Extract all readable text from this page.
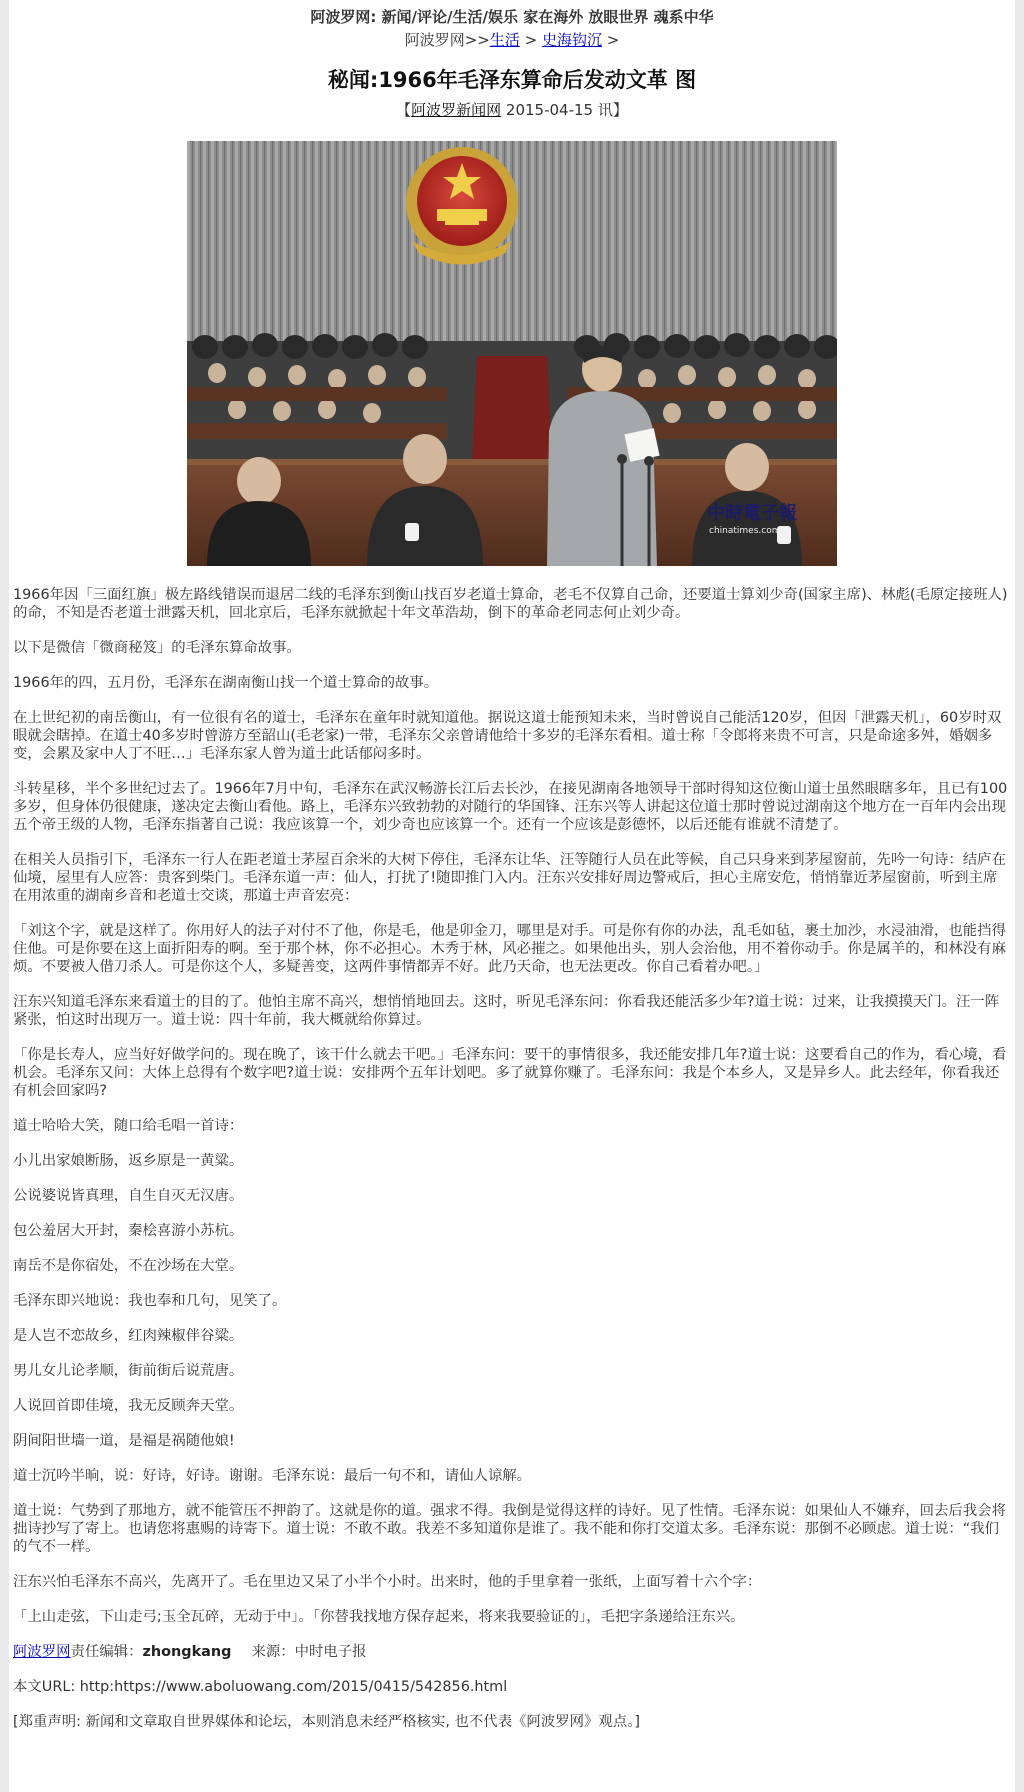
阿波罗网: 新闻/评论/生活/娱乐 家在海外 放眼世界 魂系中华
阿波罗网>>生活 > 史海钩沉 >
秘闻:1966年毛泽东算命后发动文革 图
【阿波罗新闻网 2015-04-15 讯】
中時電子報
chinatimes.com

1966年因「三面红旗」极左路线错误而退居二线的毛泽东到衡山找百岁老道士算命，老毛不仅算自己命，还要道士算刘少奇(国家主席)、林彪(毛原定接班人)的命，不知是否老道士泄露天机，回北京后，毛泽东就掀起十年文革浩劫，倒下的革命老同志何止刘少奇。

以下是微信「微商秘笈」的毛泽东算命故事。

1966年的四，五月份，毛泽东在湖南衡山找一个道士算命的故事。

在上世纪初的南岳衡山，有一位很有名的道士，毛泽东在童年时就知道他。据说这道士能预知未来，当时曾说自己能活120岁，但因「泄露天机」，60岁时双眼就会瞎掉。在道士40多岁时曾游方至韶山(毛老家)一带，毛泽东父亲曾请他给十多岁的毛泽东看相。道士称「令郎将来贵不可言，只是命途多舛，婚姻多变，会累及家中人丁不旺…」毛泽东家人曾为道士此话郁闷多时。

斗转星移，半个多世纪过去了。1966年7月中旬，毛泽东在武汉畅游长江后去长沙，在接见湖南各地领导干部时得知这位衡山道士虽然眼瞎多年，且已有100多岁，但身体仍很健康，遂决定去衡山看他。路上，毛泽东兴致勃勃的对随行的华国锋、汪东兴等人讲起这位道士那时曾说过湖南这个地方在一百年内会出现五个帝王级的人物，毛泽东指著自己说：我应该算一个，刘少奇也应该算一个。还有一个应该是彭德怀，以后还能有谁就不清楚了。

在相关人员指引下，毛泽东一行人在距老道士茅屋百余米的大树下停住，毛泽东让华、汪等随行人员在此等候，自己只身来到茅屋窗前，先吟一句诗：结庐在仙境，屋里有人应答：贵客到柴门。毛泽东道一声：仙人，打扰了!随即推门入内。汪东兴安排好周边警戒后，担心主席安危，悄悄靠近茅屋窗前，听到主席在用浓重的湖南乡音和老道士交谈，那道士声音宏亮：

「刘这个字，就是这样了。你用好人的法子对付不了他，你是毛，他是卯金刀，哪里是对手。可是你有你的办法，乱毛如毡，裹土加沙，水浸油滑，也能挡得住他。可是你要在这上面折阳寿的啊。至于那个林，你不必担心。木秀于林，风必摧之。如果他出头，别人会治他，用不着你动手。你是属羊的，和林没有麻烦。不要被人借刀杀人。可是你这个人，多疑善变，这两件事情都弄不好。此乃天命，也无法更改。你自己看着办吧。」

汪东兴知道毛泽东来看道士的目的了。他怕主席不高兴，想悄悄地回去。这时，听见毛泽东问：你看我还能活多少年?道士说：过来，让我摸摸天门。汪一阵紧张，怕这时出现万一。道士说：四十年前，我大概就给你算过。

「你是长寿人，应当好好做学问的。现在晚了，该干什么就去干吧。」毛泽东问：要干的事情很多，我还能安排几年?道士说：这要看自己的作为，看心境，看机会。毛泽东又问：大体上总得有个数字吧?道士说：安排两个五年计划吧。多了就算你赚了。毛泽东问：我是个本乡人，又是异乡人。此去经年，你看我还有机会回家吗?

道士哈哈大笑，随口给毛唱一首诗：

小儿出家娘断肠，返乡原是一黄粱。

公说婆说皆真理，自生自灭无汉唐。

包公羞居大开封，秦桧喜游小苏杭。

南岳不是你宿处，不在沙场在大堂。

毛泽东即兴地说：我也奉和几句，见笑了。

是人岂不恋故乡，红肉辣椒伴谷粱。

男儿女儿论孝顺，街前街后说荒唐。

人说回首即佳境，我无反顾奔天堂。

阴间阳世墙一道，是福是祸随他娘!

道士沉吟半晌，说：好诗，好诗。谢谢。毛泽东说：最后一句不和，请仙人谅解。

道士说：气势到了那地方，就不能管压不押韵了。这就是你的道。强求不得。我倒是觉得这样的诗好。见了性情。毛泽东说：如果仙人不嫌弃，回去后我会将拙诗抄写了寄上。也请您将惠赐的诗寄下。道士说：不敢不敢。我差不多知道你是谁了。我不能和你打交道太多。毛泽东说：那倒不必顾虑。道士说：“我们的气不一样。

汪东兴怕毛泽东不高兴，先离开了。毛在里边又呆了小半个小时。出来时，他的手里拿着一张纸，上面写着十六个字：

「上山走弦，下山走弓;玉全瓦碎，无动于中」。「你替我找地方保存起来，将来我要验证的」，毛把字条递给汪东兴。

阿波罗网责任编辑：zhongkang 来源：中时电子报

本文URL: http:https://www.aboluowang.com/2015/0415/542856.html

[郑重声明: 新闻和文章取自世界媒体和论坛，本则消息未经严格核实, 也不代表《阿波罗网》观点。]
